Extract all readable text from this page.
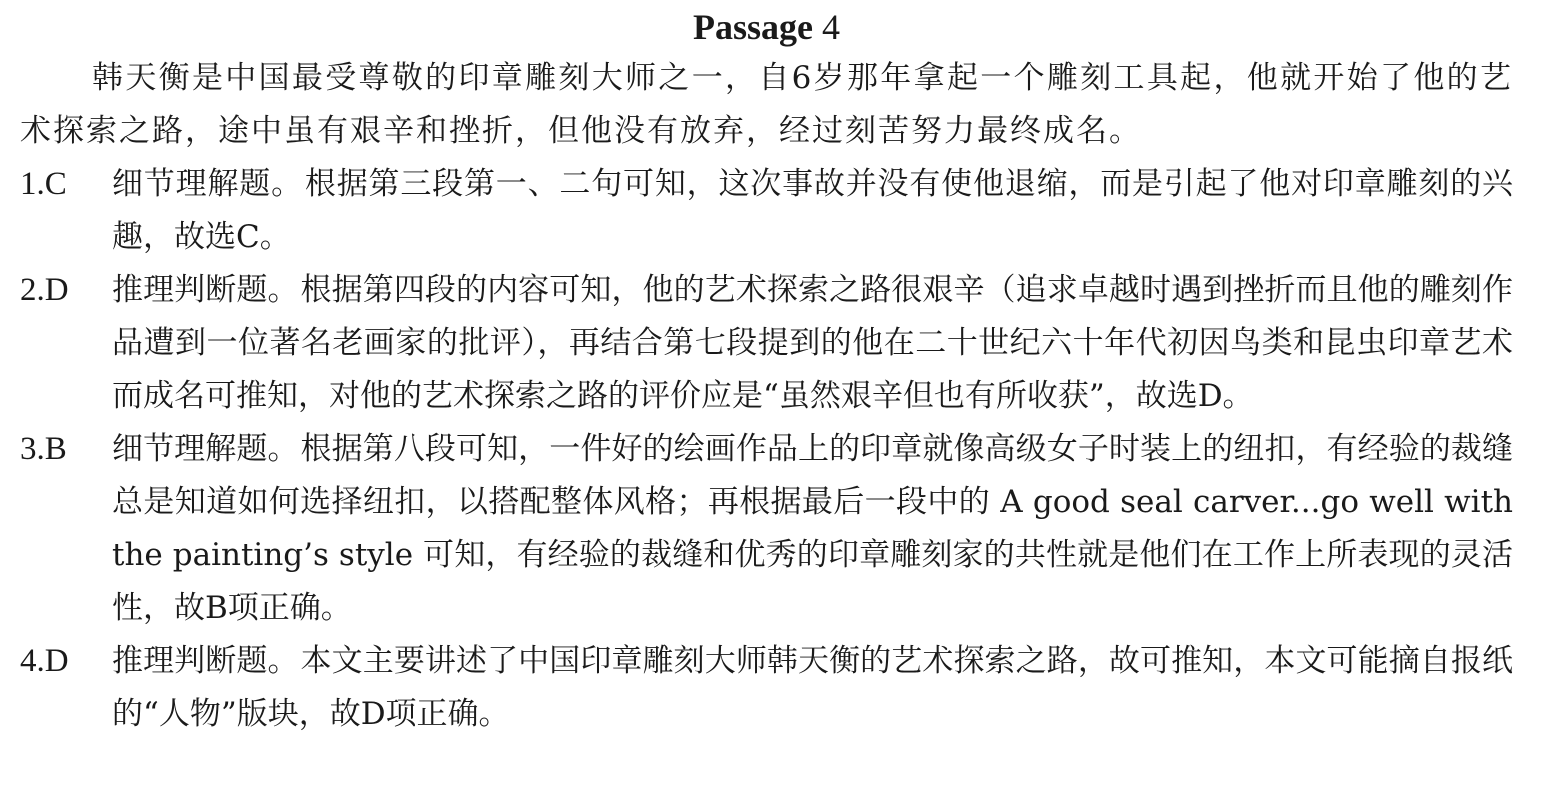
Passage 4

韩天衡是中国最受尊敬的印章雕刻大师之一，自6岁那年拿起一个雕刻工具起，他就开始了他的艺术探索之路，途中虽有艰辛和挫折，但他没有放弃，经过刻苦努力最终成名。

1.C	细节理解题。根据第三段第一、二句可知，这次事故并没有使他退缩，而是引起了他对印章雕刻的兴趣，故选C。
2.D	推理判断题。根据第四段的内容可知，他的艺术探索之路很艰辛（追求卓越时遇到挫折而且他的雕刻作品遭到一位著名老画家的批评），再结合第七段提到的他在二十世纪六十年代初因鸟类和昆虫印章艺术而成名可推知，对他的艺术探索之路的评价应是“虽然艰辛但也有所收获”，故选D。
3.B	细节理解题。根据第八段可知，一件好的绘画作品上的印章就像高级女子时装上的纽扣，有经验的裁缝总是知道如何选择纽扣，以搭配整体风格；再根据最后一段中的 A good seal carver...go well with the painting’s style 可知，有经验的裁缝和优秀的印章雕刻家的共性就是他们在工作上所表现的灵活性，故B项正确。
4.D	推理判断题。本文主要讲述了中国印章雕刻大师韩天衡的艺术探索之路，故可推知，本文可能摘自报纸的“人物”版块，故D项正确。
